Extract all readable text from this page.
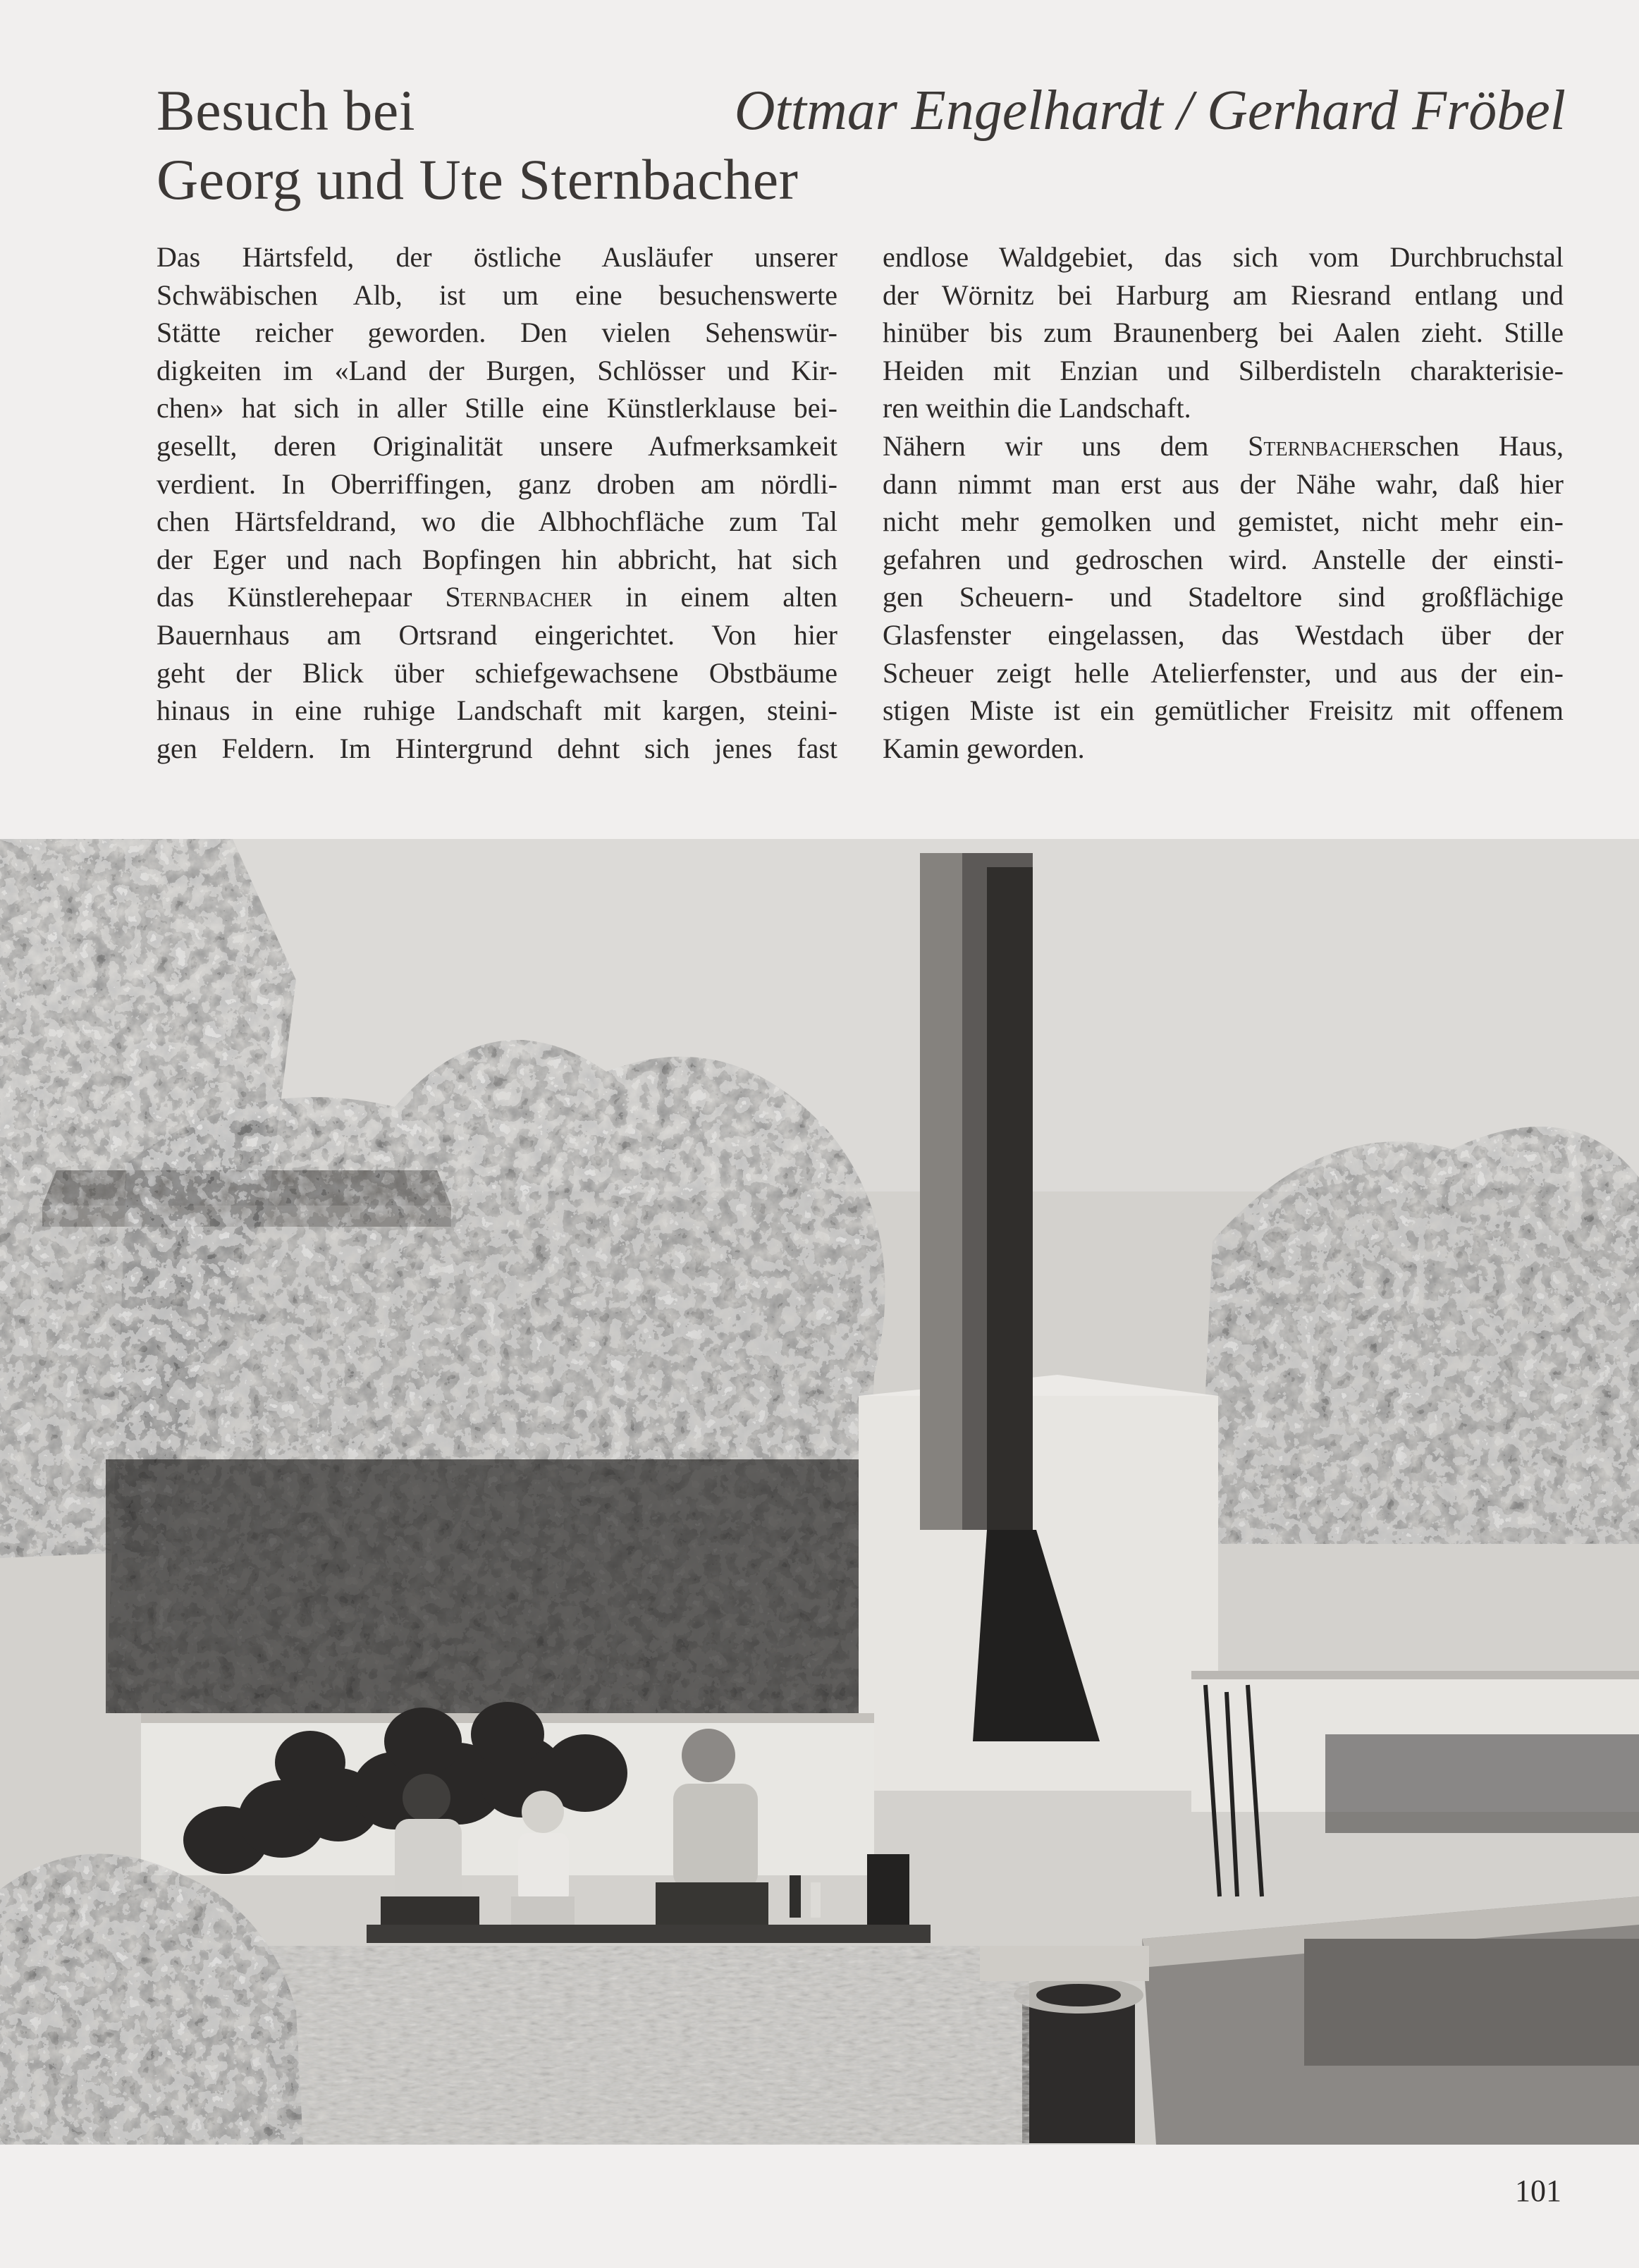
Besuch bei
Georg und Ute Sternbacher
Ottmar Engelhardt / Gerhard Fröbel
Das Härtsfeld, der östliche Ausläufer unserer
Schwäbischen Alb, ist um eine besuchenswerte
Stätte reicher geworden. Den vielen Sehenswür-
digkeiten im «Land der Burgen, Schlösser und Kir-
chen» hat sich in aller Stille eine Künstlerklause bei-
gesellt, deren Originalität unsere Aufmerksamkeit
verdient. In Oberriffingen, ganz droben am nördli-
chen Härtsfeldrand, wo die Albhochfläche zum Tal
der Eger und nach Bopfingen hin abbricht, hat sich
das Künstlerehepaar Sternbacher in einem alten
Bauernhaus am Ortsrand eingerichtet. Von hier
geht der Blick über schiefgewachsene Obstbäume
hinaus in eine ruhige Landschaft mit kargen, steini-
gen Feldern. Im Hintergrund dehnt sich jenes fast
endlose Waldgebiet, das sich vom Durchbruchstal
der Wörnitz bei Harburg am Riesrand entlang und
hinüber bis zum Braunenberg bei Aalen zieht. Stille
Heiden mit Enzian und Silberdisteln charakterisie-
ren weithin die Landschaft.
Nähern wir uns dem Sternbacherschen Haus,
dann nimmt man erst aus der Nähe wahr, daß hier
nicht mehr gemolken und gemistet, nicht mehr ein-
gefahren und gedroschen wird. Anstelle der einsti-
gen Scheuern- und Stadeltore sind großflächige
Glasfenster eingelassen, das Westdach über der
Scheuer zeigt helle Atelierfenster, und aus der ein-
stigen Miste ist ein gemütlicher Freisitz mit offenem
Kamin geworden.
101
